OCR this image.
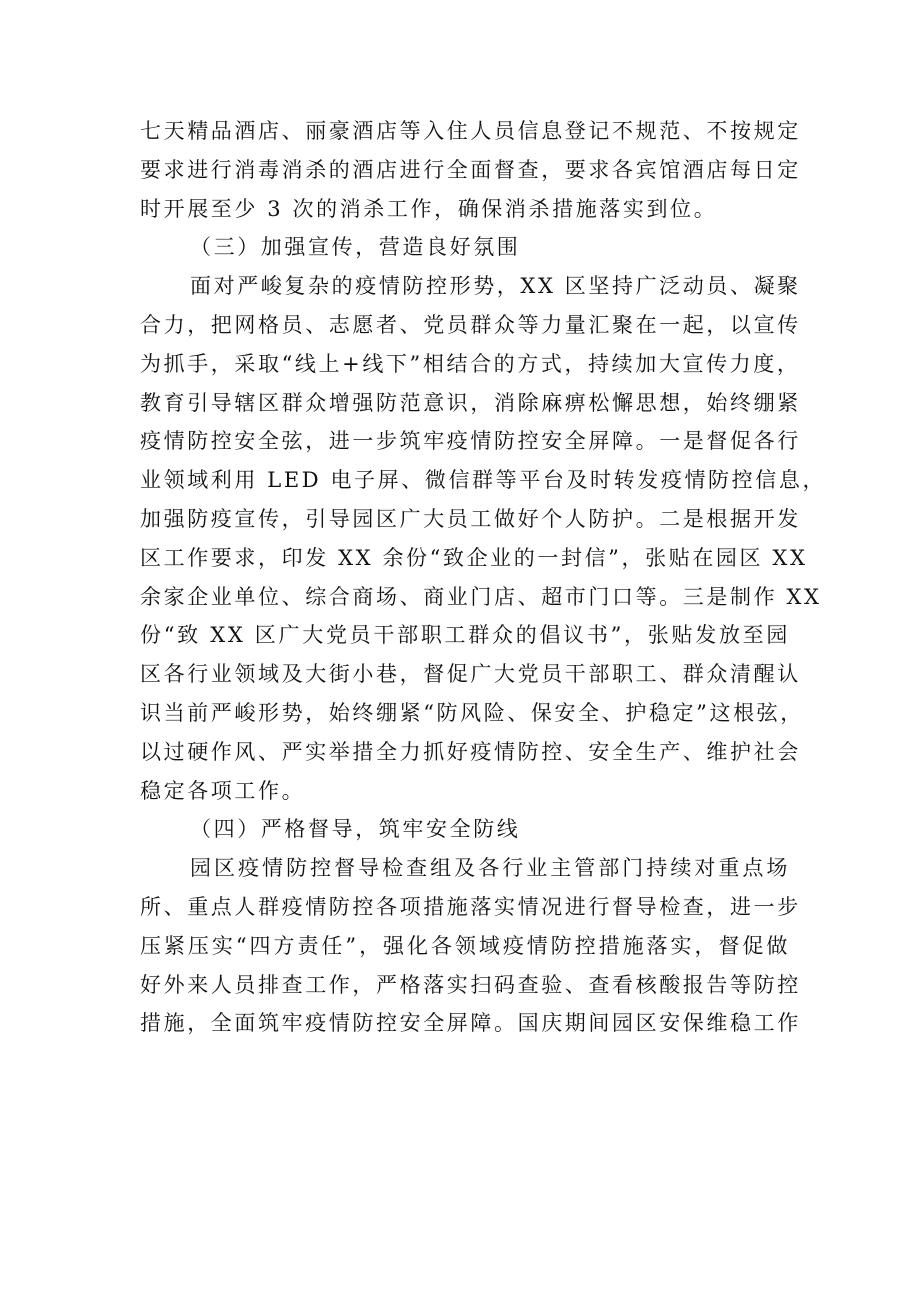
七天精品酒店、丽豪酒店等入住人员信息登记不规范、不按规定
要求进行消毒消杀的酒店进行全面督查，要求各宾馆酒店每日定
时开展至少 3 次的消杀工作，确保消杀措施落实到位。
（三）加强宣传，营造良好氛围
面对严峻复杂的疫情防控形势，XX 区坚持广泛动员、凝聚
合力，把网格员、志愿者、党员群众等力量汇聚在一起，以宣传
为抓手，采取“线上+线下”相结合的方式，持续加大宣传力度，
教育引导辖区群众增强防范意识，消除麻痹松懈思想，始终绷紧
疫情防控安全弦，进一步筑牢疫情防控安全屏障。一是督促各行
业领域利用 LED 电子屏、微信群等平台及时转发疫情防控信息，
加强防疫宣传，引导园区广大员工做好个人防护。二是根据开发
区工作要求，印发 XX 余份“致企业的一封信”，张贴在园区 XX
余家企业单位、综合商场、商业门店、超市门口等。三是制作 XX
份“致 XX 区广大党员干部职工群众的倡议书”，张贴发放至园
区各行业领域及大街小巷，督促广大党员干部职工、群众清醒认
识当前严峻形势，始终绷紧“防风险、保安全、护稳定”这根弦，
以过硬作风、严实举措全力抓好疫情防控、安全生产、维护社会
稳定各项工作。
（四）严格督导，筑牢安全防线
园区疫情防控督导检查组及各行业主管部门持续对重点场
所、重点人群疫情防控各项措施落实情况进行督导检查，进一步
压紧压实“四方责任”，强化各领域疫情防控措施落实，督促做
好外来人员排查工作，严格落实扫码查验、查看核酸报告等防控
措施，全面筑牢疫情防控安全屏障。国庆期间园区安保维稳工作
